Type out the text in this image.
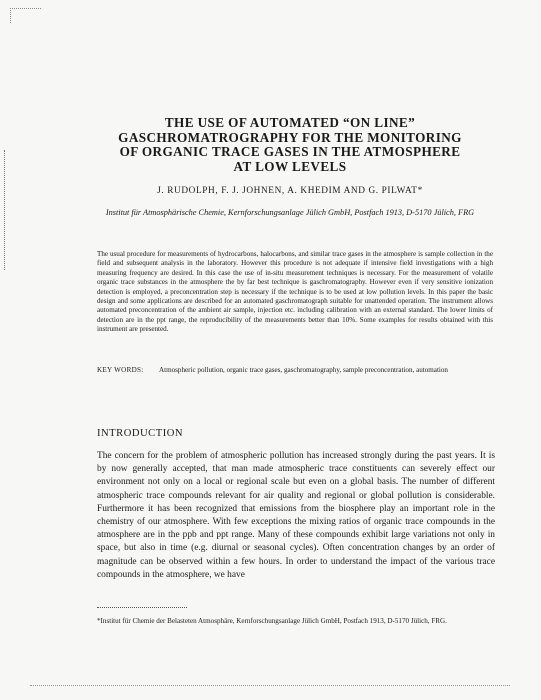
THE USE OF AUTOMATED “ON LINE” GASCHROMATROGRAPHY FOR THE MONITORING OF ORGANIC TRACE GASES IN THE ATMOSPHERE AT LOW LEVELS
J. RUDOLPH, F. J. JOHNEN, A. KHEDIM AND G. PILWAT*
Institut für Atmosphärische Chemie, Kernforschungsanlage Jülich GmbH, Postfach 1913, D-5170 Jülich, FRG
The usual procedure for measurements of hydrocarbons, halocarbons, and similar trace gases in the atmosphere is sample collection in the field and subsequent analysis in the laboratory. However this procedure is not adequate if intensive field investigations with a high measuring frequency are desired. In this case the use of in-situ measurement techniques is necessary. For the measurement of volatile organic trace substances in the atmosphere the by far best technique is gaschromatography. However even if very sensitive ionization detection is employed, a preconcentration step is necessary if the technique is to be used at low pollution levels. In this paper the basic design and some applications are described for an automated gaschromatograph suitable for unattended operation. The instrument allows automated preconcentration of the ambient air sample, injection etc. including calibration with an external standard. The lower limits of detection are in the ppt range, the reproducibility of the measurements better than 10%. Some examples for results obtained with this instrument are presented.
KEY WORDS:	Atmospheric pollution, organic trace gases, gaschromatography, sample preconcentration, automation
INTRODUCTION
The concern for the problem of atmospheric pollution has increased strongly during the past years. It is by now generally accepted, that man made atmospheric trace constituents can severely effect our environment not only on a local or regional scale but even on a global basis. The number of different atmospheric trace compounds relevant for air quality and regional or global pollution is considerable. Furthermore it has been recognized that emissions from the biosphere play an important role in the chemistry of our atmosphere. With few exceptions the mixing ratios of organic trace compounds in the atmosphere are in the ppb and ppt range. Many of these compounds exhibit large variations not only in space, but also in time (e.g. diurnal or seasonal cycles). Often concentration changes by an order of magnitude can be observed within a few hours. In order to understand the impact of the various trace compounds in the atmosphere, we have
*Institut für Chemie der Belasteten Atmosphäre, Kernforschungsanlage Jülich GmbH, Postfach 1913, D-5170 Jülich, FRG.
